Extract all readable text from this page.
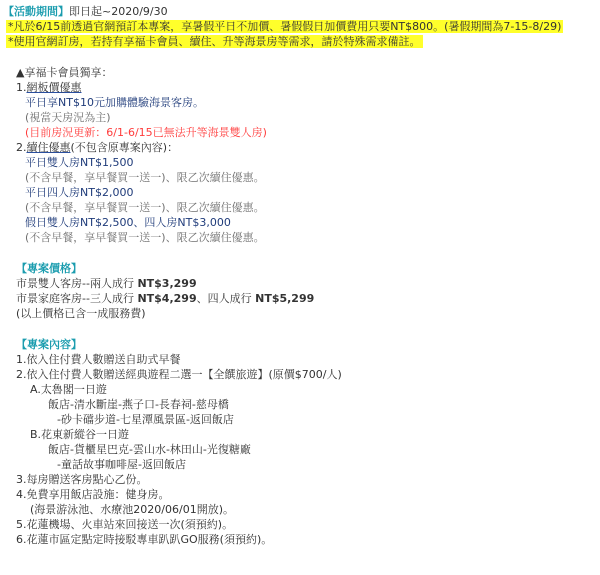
【活動期間】即日起~2020/9/30
*凡於6/15前透過官網預訂本專案，享暑假平日不加價、暑假假日加價費用只要NT$800。(暑假期間為7-15-8/29)
*使用官網訂房，若持有享福卡會員、續住、升等海景房等需求，請於特殊需求備註。
▲享福卡會員獨享：
1.網板價優惠
平日享NT$10元加購體驗海景客房。
(視當天房況為主)
(目前房況更新：6/1-6/15已無法升等海景雙人房)
2.續住優惠(不包含原專案內容)：
平日雙人房NT$1,500
(不含早餐，享早餐買一送一)、限乙次續住優惠。
平日四人房NT$2,000
(不含早餐，享早餐買一送一)、限乙次續住優惠。
假日雙人房NT$2,500、四人房NT$3,000
(不含早餐，享早餐買一送一)、限乙次續住優惠。
【專案價格】
市景雙人客房--兩人成行 NT$3,299
市景家庭客房--三人成行 NT$4,299、四人成行 NT$5,299
(以上價格已含一成服務費)
【專案內容】
1.依入住付費人數贈送自助式早餐
2.依入住付費人數贈送經典遊程二選一【全饌旅遊】(原價$700/人)
A.太魯閣一日遊
飯店-清水斷崖-燕子口-長春祠-慈母橋
-砂卡礑步道-七星潭風景區-返回飯店
B.花東新縱谷一日遊
飯店-貨櫃星巴克-雲山水-林田山-光復糖廠
-童話故事咖啡屋-返回飯店
3.每房贈送客房點心乙份。
4.免費享用飯店設施：健身房。
(海景游泳池、水療池2020/06/01開放)。
5.花蓮機場、火車站來回接送一次(須預約)。
6.花蓮市區定點定時接駁專車趴趴GO服務(須預約)。
